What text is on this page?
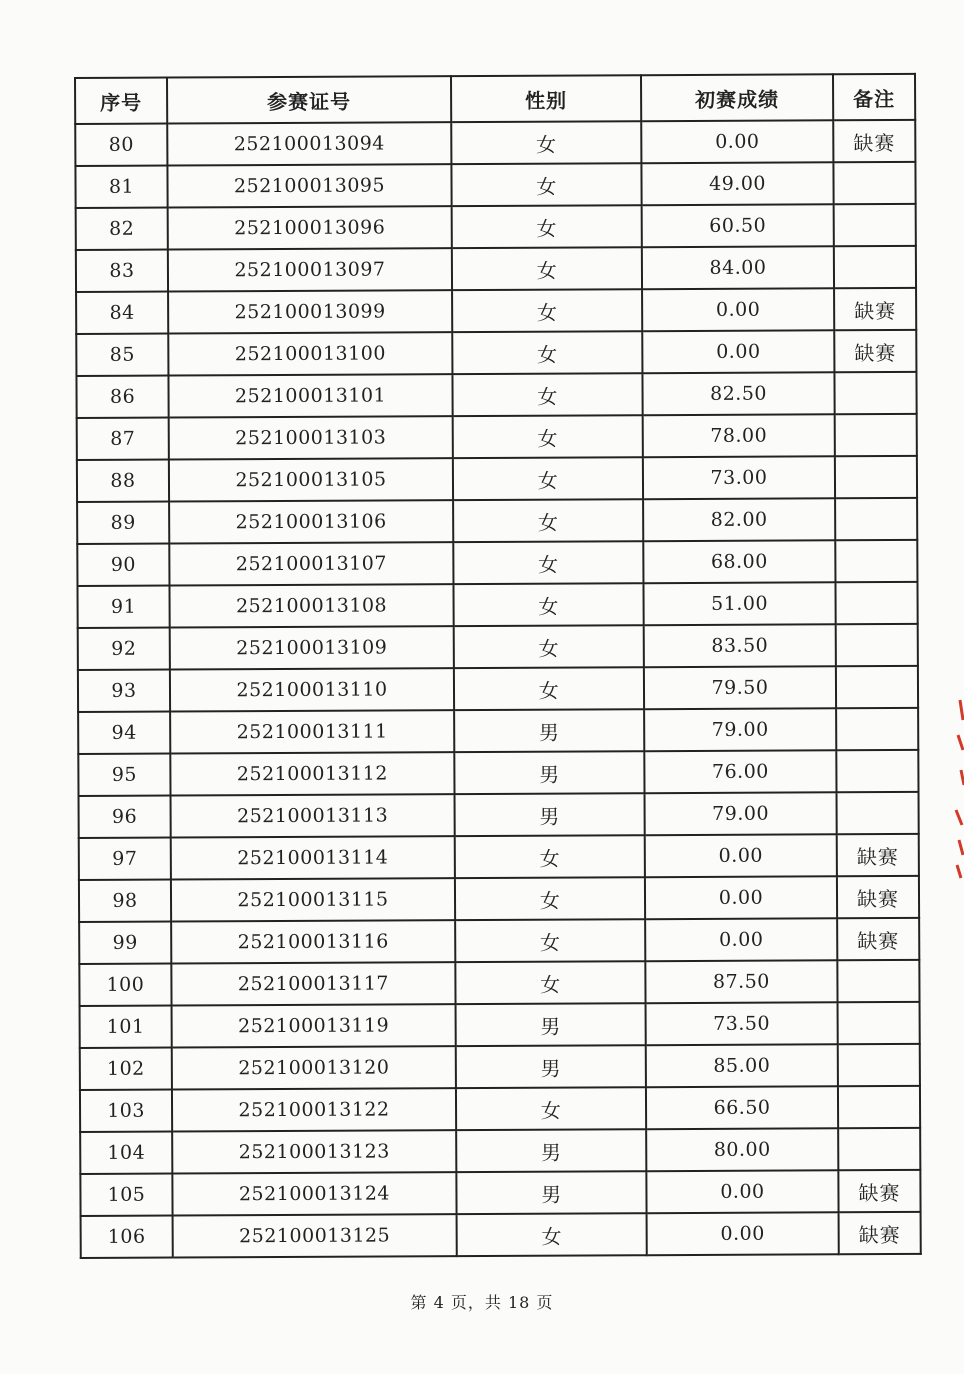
序号	参赛证号	性别	初赛成绩	备注
80	252100013094	女	0.00	缺赛
81	252100013095	女	49.00	
82	252100013096	女	60.50	
83	252100013097	女	84.00	
84	252100013099	女	0.00	缺赛
85	252100013100	女	0.00	缺赛
86	252100013101	女	82.50	
87	252100013103	女	78.00	
88	252100013105	女	73.00	
89	252100013106	女	82.00	
90	252100013107	女	68.00	
91	252100013108	女	51.00	
92	252100013109	女	83.50	
93	252100013110	女	79.50	
94	252100013111	男	79.00	
95	252100013112	男	76.00	
96	252100013113	男	79.00	
97	252100013114	女	0.00	缺赛
98	252100013115	女	0.00	缺赛
99	252100013116	女	0.00	缺赛
100	252100013117	女	87.50	
101	252100013119	男	73.50	
102	252100013120	男	85.00	
103	252100013122	女	66.50	
104	252100013123	男	80.00	
105	252100013124	男	0.00	缺赛
106	252100013125	女	0.00	缺赛
第 4 页，共 18 页
